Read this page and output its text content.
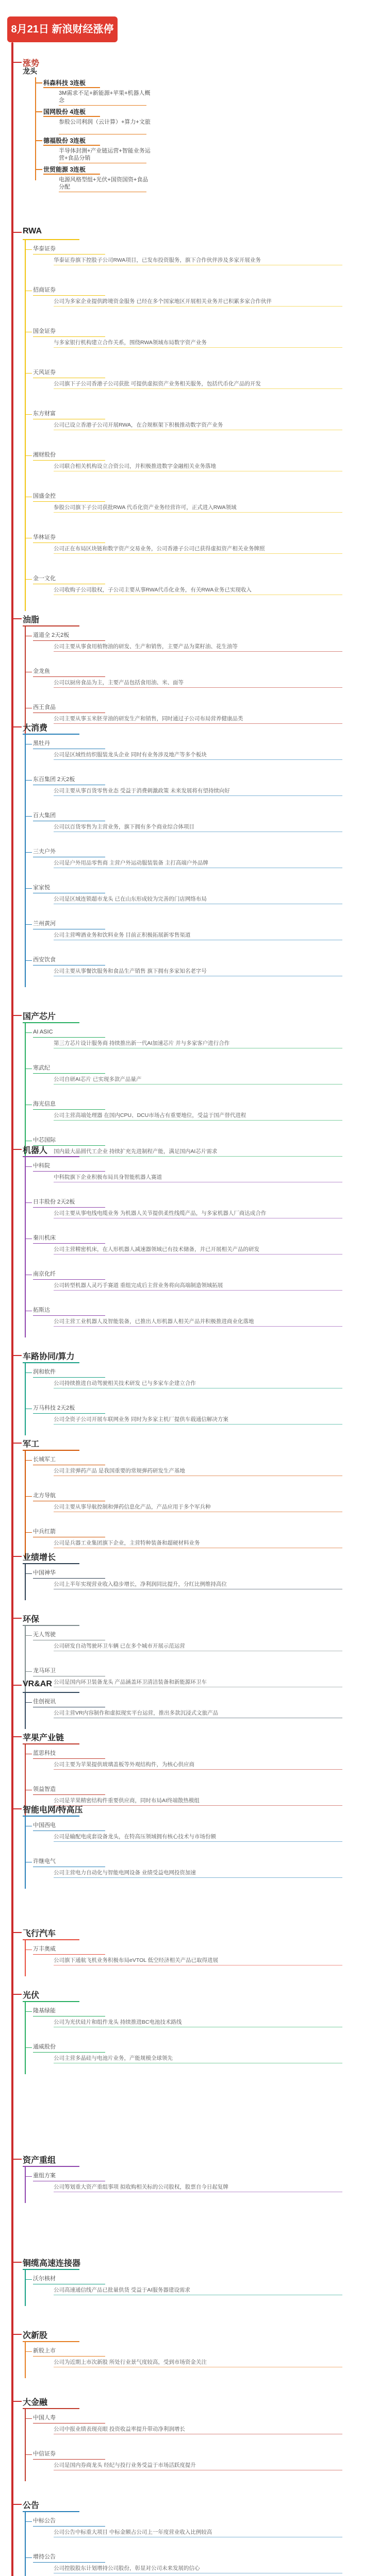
8月21日 新浪财经涨停板复盘
涨势
龙头
科森科技 3连板
3M需求不足+新能源+苹果+机器人概念
国网股份 4连板
参股公司利润（云计算）+算力+文旅
德福股份 3连板
半导体封测+产业链运营+智能业务运营+食品分销
世贸能源 3连板
电源风格型组+光伏+国资国资+食品分配
RWA
华泰证券
华泰证券旗下控股子公司RWA项目，已发布投资服务，旗下合作伙伴涉及多家开展业务
招商证券
公司为多家企业提供跨境资金服务 已经在多个国家地区开展相关业务并已积累多家合作伙伴
国金证券
与多家银行机构建立合作关系，围绕RWA领域布局数字资产业务
天风证券
公司旗下子公司香港子公司获批 可提供虚拟资产业务相关服务，包括代币化产品的开发
东方财富
公司已设立香港子公司开展RWA，在合规框架下积极推动数字资产业务
湘财股份
公司联合相关机构设立合资公司，并积极推进数字金融相关业务落地
国盛金控
参股公司旗下子公司获批RWA 代币化资产业务经营许可，正式进入RWA领域
华林证券
公司正在布局区块链和数字资产交易业务，公司香港子公司已获得虚拟资产相关业务牌照
金一文化
公司收购子公司股权，子公司主要从事RWA代币化业务，有关RWA业务已实现收入
油脂
道道全 2天2板
公司主要从事食用植物油的研发、生产和销售，主要产品为菜籽油、花生油等
金龙鱼
公司以厨房食品为主，主要产品包括食用油、米、面等
西王食品
公司主要从事玉米胚芽油的研发生产和销售，同时通过子公司布局营养健康品类
大消费
黑牡丹
公司是区域性纺织服装龙头企业 同时有业务涉及地产等多个板块
东百集团 2天2板
公司主要从事百货零售业态 受益于消费刺激政策 未来发展将有望持续向好
百大集团
公司以百货零售为主营业务，旗下拥有多个商业综合体项目
三夫户外
公司是户外用品零售商 主营户外运动服装装备 主打高端户外品牌
家家悦
公司是区域连锁超市龙头 已在山东形成较为完善的门店网络布局
兰州黄河
公司主营啤酒业务和饮料业务 目前正积极拓展新零售渠道
西安饮食
公司主要从事餐饮服务和食品生产销售 旗下拥有多家知名老字号
国产芯片
AI ASIC
第三方芯片设计服务商 持续推出新一代AI加速芯片 并与多家客户进行合作
寒武纪
公司自研AI芯片 已实现多款产品量产
海光信息
公司主营高端处理器 在国内CPU、DCU市场占有重要地位，受益于国产替代进程
中芯国际
国内最大晶圆代工企业 持续扩充先进制程产能，满足国内AI芯片需求
机器人
中科院
中科院旗下企业积极布局具身智能机器人赛道
日丰股份 2天2板
公司主要从事电线电缆业务 为机器人关节提供柔性线缆产品，与多家机器人厂商达成合作
秦川机床
公司主营精密机床，在人形机器人减速器领域已有技术储备，并已开展相关产品的研发
南京化纤
公司转型机器人灵巧手赛道 重组完成后主营业务将向高端制造领域拓展
拓斯达
公司主营工业机器人及智能装备，已推出人形机器人相关产品并积极推进商业化落地
车路协同/算力
润和软件
公司持续推进自动驾驶相关技术研发 已与多家车企建立合作
万马科技 2天2板
公司全资子公司开展车联网业务 同时为多家主机厂提供车载通信解决方案
军工
长城军工
公司主营弹药产品 是我国重要的常规弹药研发生产基地
北方导航
公司主要从事导航控制和弹药信息化产品，产品应用于多个军兵种
中兵红箭
公司是兵器工业集团旗下企业，主营特种装备和超硬材料业务
业绩增长
中国神华
公司上半年实现营业收入稳步增长，净利润同比提升，分红比例维持高位
环保
无人驾驶
公司研发自动驾驶环卫车辆 已在多个城市开展示范运营
龙马环卫
公司是国内环卫装备龙头 产品涵盖环卫清洁装备和新能源环卫车
VR&AR
佳创视讯
公司主营VR内容制作和虚拟现实平台运营，推出多款沉浸式文旅产品
苹果产业链
蓝思科技
公司主要为苹果提供玻璃盖板等外观结构件，为核心供应商
领益智造
公司是苹果精密结构件重要供应商，同时布局AI终端散热模组
智能电网/特高压
中国西电
公司是输配电成套设备龙头，在特高压领域拥有核心技术与市场份额
许继电气
公司主营电力自动化与智能电网设备 业绩受益电网投资加速
飞行汽车
万丰奥威
公司旗下通航飞机业务积极布局eVTOL 低空经济相关产品已取得进展
光伏
隆基绿能
公司为光伏硅片和组件龙头 持续推进BC电池技术路线
通威股份
公司主营多晶硅与电池片业务，产能规模全球领先
资产重组
重组方案
公司筹划重大资产重组事项 拟收购相关标的公司股权，股票自今日起复牌
铜缆高速连接器
沃尔核材
公司高速通信线产品已批量供货 受益于AI服务器建设需求
次新股
新股上市
公司为近期上市次新股 所处行业景气度较高，受到市场资金关注
大金融
中国人寿
公司中报业绩表现亮眼 投资收益率提升带动净利润增长
中信证券
公司是国内券商龙头 经纪与投行业务受益于市场活跃度提升
公告
中标公告
公司公告中标重大项目 中标金额占公司上一年度营业收入比例较高
增持公告
公司控股股东计划增持公司股份，彰显对公司未来发展的信心
